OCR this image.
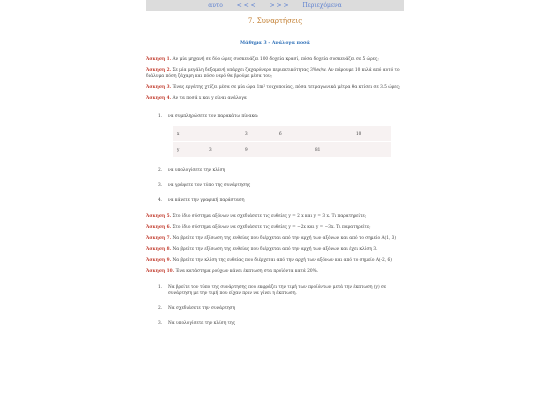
αυτο < < < > > > Περιεχόμενα
7. Συναρτήσεις
Μάθημα 3 - Ανάλογα ποσά
Άσκηση 1. Αν μία μηχανή σε δύο ώρες συσκευάζει 100 δοχεία κρασί, πόσα δοχεία συσκευάζει σε 5 ώρες;
Άσκηση 2. Σε μία μεγάλη δεξαμενή υπάρχει ζαχαρόνερο περιεκτικότητας 3%w/w. Αν πάρουμε 10 κιλά από αυτό το διάλυμα πόση ζάχαρη και πόσο νερό θα βρούμε μέσα του;
Άσκηση 3. Ένας εργάτης χτίζει μέσα σε μία ώρα 1m² τοιχοποιίας, πόσα τετραγωνικά μέτρα θα κτίσει σε 3.5 ώρες;
Άσκηση 4. Αν τα ποσά x και y είναι ανάλογα
1. να συμπληρώσετε τον παρακάτω πίνακα:
x	3	6	10
y	3	9	81
2. να υπολογίσετε την κλίση
3. να γράψετε τον τύπο της συνάρτησης
4. να κάνετε την γραφική παράσταση
Άσκηση 5. Στο ίδιο σύστημα αξόνων να σχεδιάσετε τις ευθείες y = 2 x και y = 3 x. Τι παρατηρείτε;
Άσκηση 6. Στο ίδιο σύστημα αξόνων να σχεδιάσετε τις ευθείες y = −2x και y = −3x. Τι παρατηρείτε;
Άσκηση 7. Να βρείτε την εξίσωση της ευθείας που διέρχεται από την αρχή των αξόνων και από το σημείο A(1, 3)
Άσκηση 8. Να βρείτε την εξίσωση της ευθείας που διέρχεται από την αρχή των αξόνων και έχει κλίση 3.
Άσκηση 9. Να βρείτε την κλίση της ευθείας που διέρχεται από την αρχή των αξόνων και από το σημείο A(-2, 6)
Άσκηση 10. Ένα κατάστημα ρούχων κάνει έκπτωση στα προϊόντα κατά 20%.
1. Να βρείτε τον τύπο της συνάρτησης που εκφράζει την τιμή των προϊόντων μετά την έκπτωση (y) σε συνάρτηση με την τιμή που είχαν πριν να γίνει η έκπτωση.
2. Να σχεδιάσετε την συνάρτηση
3. Να υπολογίσετε την κλίση της
